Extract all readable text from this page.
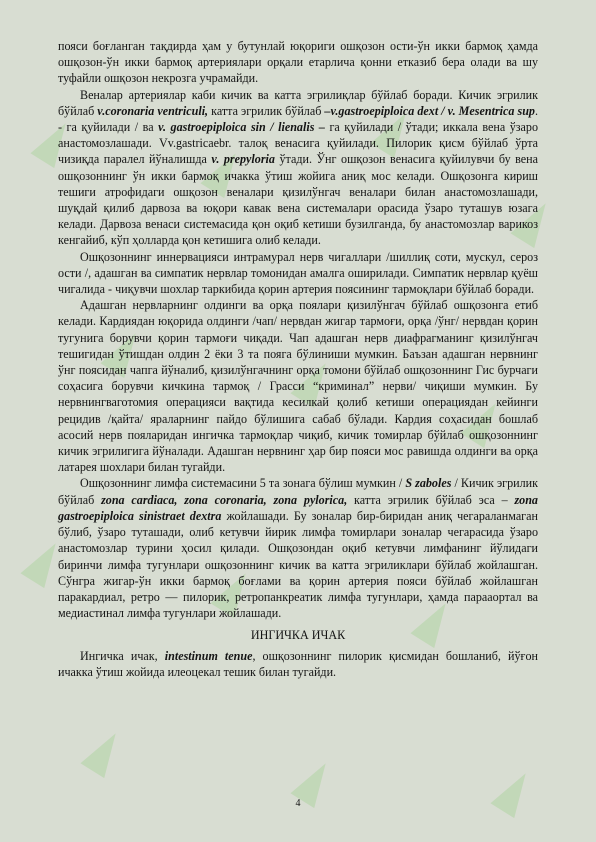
пояси боғланган тақдирда ҳам у бутунлай юқориги ошқозон ости-ўн икки бармоқ ҳамда ошқозон-ўн икки бармоқ артериялари орқали етарлича қонни етказиб бера олади ва шу туфайли ошқозон некрозга учрамайди.

Веналар артериялар каби кичик ва катта эгрилиқлар бўйлаб боради. Кичик эгрилик бўйлаб v.coronaria ventriculi, катта эгрилик бўйлаб –v.gastroepiploica dext / v. Mesentrica sup. - га қуйилади / ва v. gastroepiploica sin / lienalis – га қуйилади / ўтади; иккала вена ўзаро анастомозлашади. Vv.gastricaebr. талоқ венасига қуйилади. Пилорик қисм бўйлаб ўрта чизиқда паралел йўналишда v. prepyloria ўтади. Ўнг ошқозон венасига қуйилувчи бу вена ошқозоннинг ўн икки бармоқ ичакка ўтиш жойига аниқ мос келади. Ошқозонга кириш тешиги атрофидаги ошқозон веналари қизилўнгач веналари билан анастомозлашади, шуқдай қилиб дарвоза ва юқори кавак вена системалари орасида ўзаро туташув юзага келади. Дарвоза венаси системасида қон оқиб кетиши бузилганда, бу анастомозлар варикоз кенгайиб, кўп ҳолларда қон кетишига олиб келади.

Ошқозоннинг иннервацияси интрамурал нерв чигаллари /шиллиқ соти, мускул, сероз ости /, адашган ва симпатик нервлар томонидан амалга оширилади. Симпатик нервлар қуёш чигалида - чиқувчи шохлар таркибида қорин артерия поясининг тармоқлари бўйлаб боради.

Адашган нервларнинг олдинги ва орқа поялари қизилўнгач бўйлаб ошқозонга етиб келади. Кардиядан юқорида олдинги /чап/ нервдан жигар тармоғи, орқа /ўнг/ нервдан қорин тугунига борувчи қорин тармоғи чиқади. Чап адашган нерв диафрагманинг қизилўнгач тешигидан ўтишдан олдин 2 ёки 3 та пояга бўлиниши мумкин. Баъзан адашган нервнинг ўнг поясидан чапга йўналиб, қизилўнгачнинг орқа томони бўйлаб ошқозоннинг Гис бурчаги соҳасига борувчи кичкина тармоқ / Грасси “криминал” нерви/ чиқиши мумкин. Бу нервнингваготомия операцияси вақтида кесилкай қолиб кетиши операциядан кейинги рецидив /қайта/ яраларнинг пайдо бўлишига сабаб бўлади. Кардия соҳасидан бошлаб асосий нерв пояларидан ингичка тармоқлар чиқиб, кичик томирлар бўйлаб ошқозоннинг кичик эгрилигига йўналади. Адашган нервнинг ҳар бир пояси мос равишда олдинги ва орқа латарея шохлари билан тугайди.

Ошқозоннинг лимфа системасини 5 та зонага бўлиш мумкин / S zaboles / Кичик эгрилик бўйлаб zona cardiaca, zona coronaria, zona pylorica, катта эгрилик бўйлаб эса – zona gastroepiploica sinistraet dextra жойлашади. Бу зоналар бир-биридан аниқ чегараланмаган бўлиб, ўзаро туташади, олиб кетувчи йирик лимфа томирлари зоналар чегарасида ўзаро анастомозлар турини ҳосил қилади. Ошқозондан оқиб кетувчи лимфанинг йўлидаги биринчи лимфа тугунлари ошқозоннинг кичик ва катта эгриликлари бўйлаб жойлашган. Сўнгра жигар-ўн икки бармоқ боғлами ва қорин артерия пояси бўйлаб жойлашган паракардиал, ретро — пилорик, ретропанкреатик лимфа тугунлари, ҳамда парааортал ва медиастинал лимфа тугунлари жойлашади.

ИНГИЧКА ИЧАК

Ингичка ичак, intestinum tenue, ошқозоннинг пилорик қисмидан бошланиб, йўғон ичакка ўтиш жойида илеоцекал тешик билан тугайди.

4
